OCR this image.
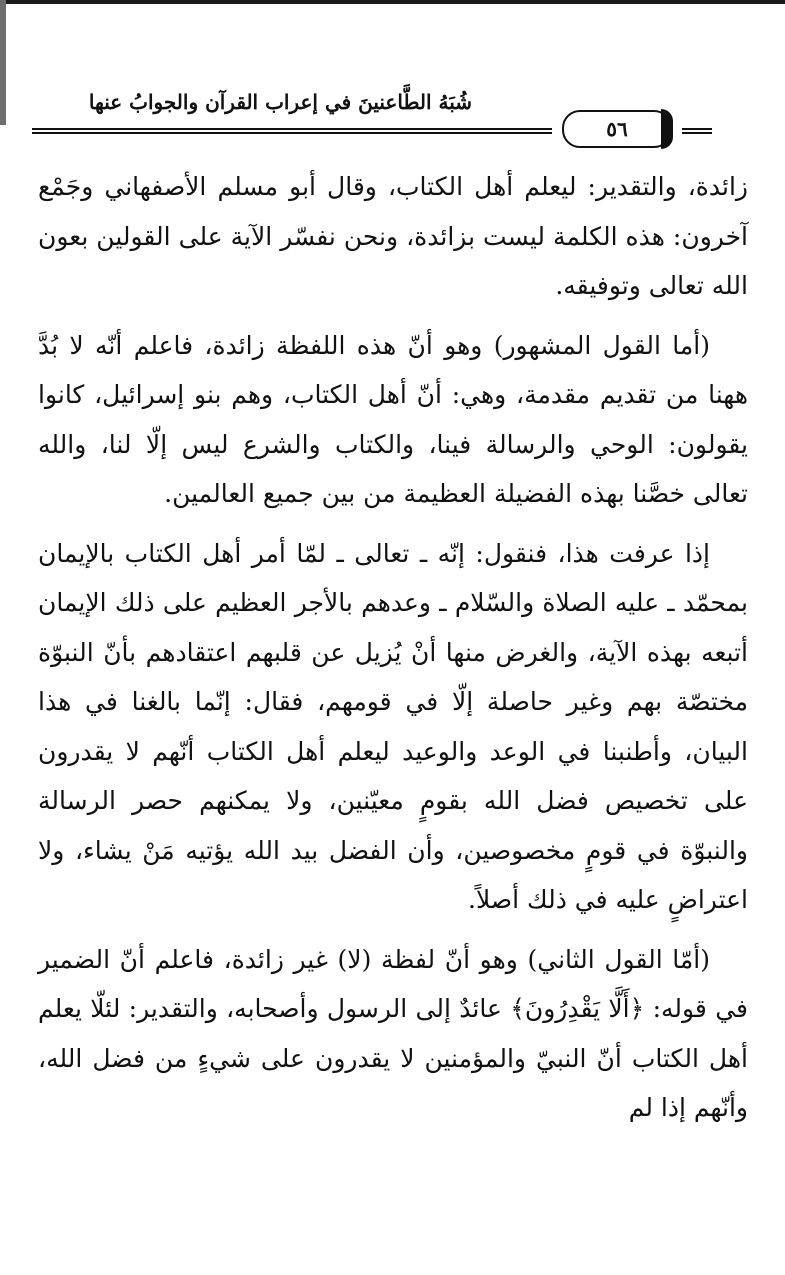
شُبَهُ الطَّاعنينَ في إعراب القرآن والجوابُ عنها
٥٦

زائدة، والتقدير: ليعلم أهل الكتاب، وقال أبو مسلم الأصفهاني وجَمْع آخرون: هذه الكلمة ليست بزائدة، ونحن نفسّر الآية على القولين بعون الله تعالى وتوفيقه.

(أما القول المشهور) وهو أنّ هذه اللفظة زائدة، فاعلم أنّه لا بُدَّ ههنا من تقديم مقدمة، وهي: أنّ أهل الكتاب، وهم بنو إسرائيل، كانوا يقولون: الوحي والرسالة فينا، والكتاب والشرع ليس إلّا لنا، والله تعالى خصَّنا بهذه الفضيلة العظيمة من بين جميع العالمين.

إذا عرفت هذا، فنقول: إنّه ـ تعالى ـ لمّا أمر أهل الكتاب بالإيمان بمحمّد ـ عليه الصلاة والسّلام ـ وعدهم بالأجر العظيم على ذلك الإيمان أتبعه بهذه الآية، والغرض منها أنْ يُزيل عن قلبهم اعتقادهم بأنّ النبوّة مختصّة بهم وغير حاصلة إلّا في قومهم، فقال: إنّما بالغنا في هذا البيان، وأطنبنا في الوعد والوعيد ليعلم أهل الكتاب أنّهم لا يقدرون على تخصيص فضل الله بقومٍ معيّنين، ولا يمكنهم حصر الرسالة والنبوّة في قومٍ مخصوصين، وأن الفضل بيد الله يؤتيه مَنْ يشاء، ولا اعتراضٍ عليه في ذلك أصلاً.

(أمّا القول الثاني) وهو أنّ لفظة (لا) غير زائدة، فاعلم أنّ الضمير في قوله: ﴿أَلَّا يَقْدِرُونَ﴾ عائدٌ إلى الرسول وأصحابه، والتقدير: لئلّا يعلم أهل الكتاب أنّ النبيّ والمؤمنين لا يقدرون على شيءٍ من فضل الله، وأنّهم إذا لم
